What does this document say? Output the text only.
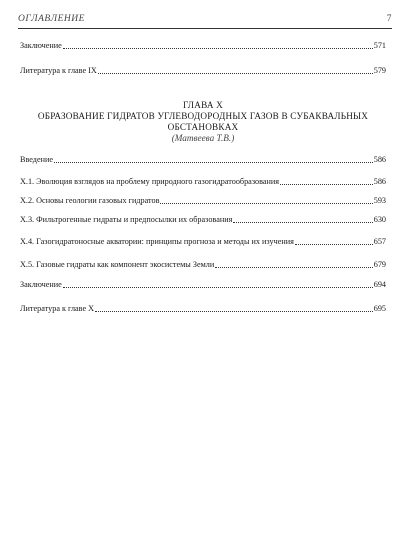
ОГЛАВЛЕНИЕ	7
Заключение	571
Литература к главе IX	579
ГЛАВА X
ОБРАЗОВАНИЕ ГИДРАТОВ УГЛЕВОДОРОДНЫХ ГАЗОВ В СУБАКВАЛЬНЫХ
ОБСТАНОВКАХ
(Матвеева Т.В.)
Введение	586
X.1. Эволюция взглядов на проблему природного газогидратообразования	586
X.2. Основы геологии газовых гидратов	593
X.3. Фильтрогенные гидраты и предпосылки их образования	630
X.4. Газогидратоносные акватории: принципы прогноза и методы их изучения	657
X.5. Газовые гидраты как компонент экосистемы Земли	679
Заключение	694
Литература к главе X	695
